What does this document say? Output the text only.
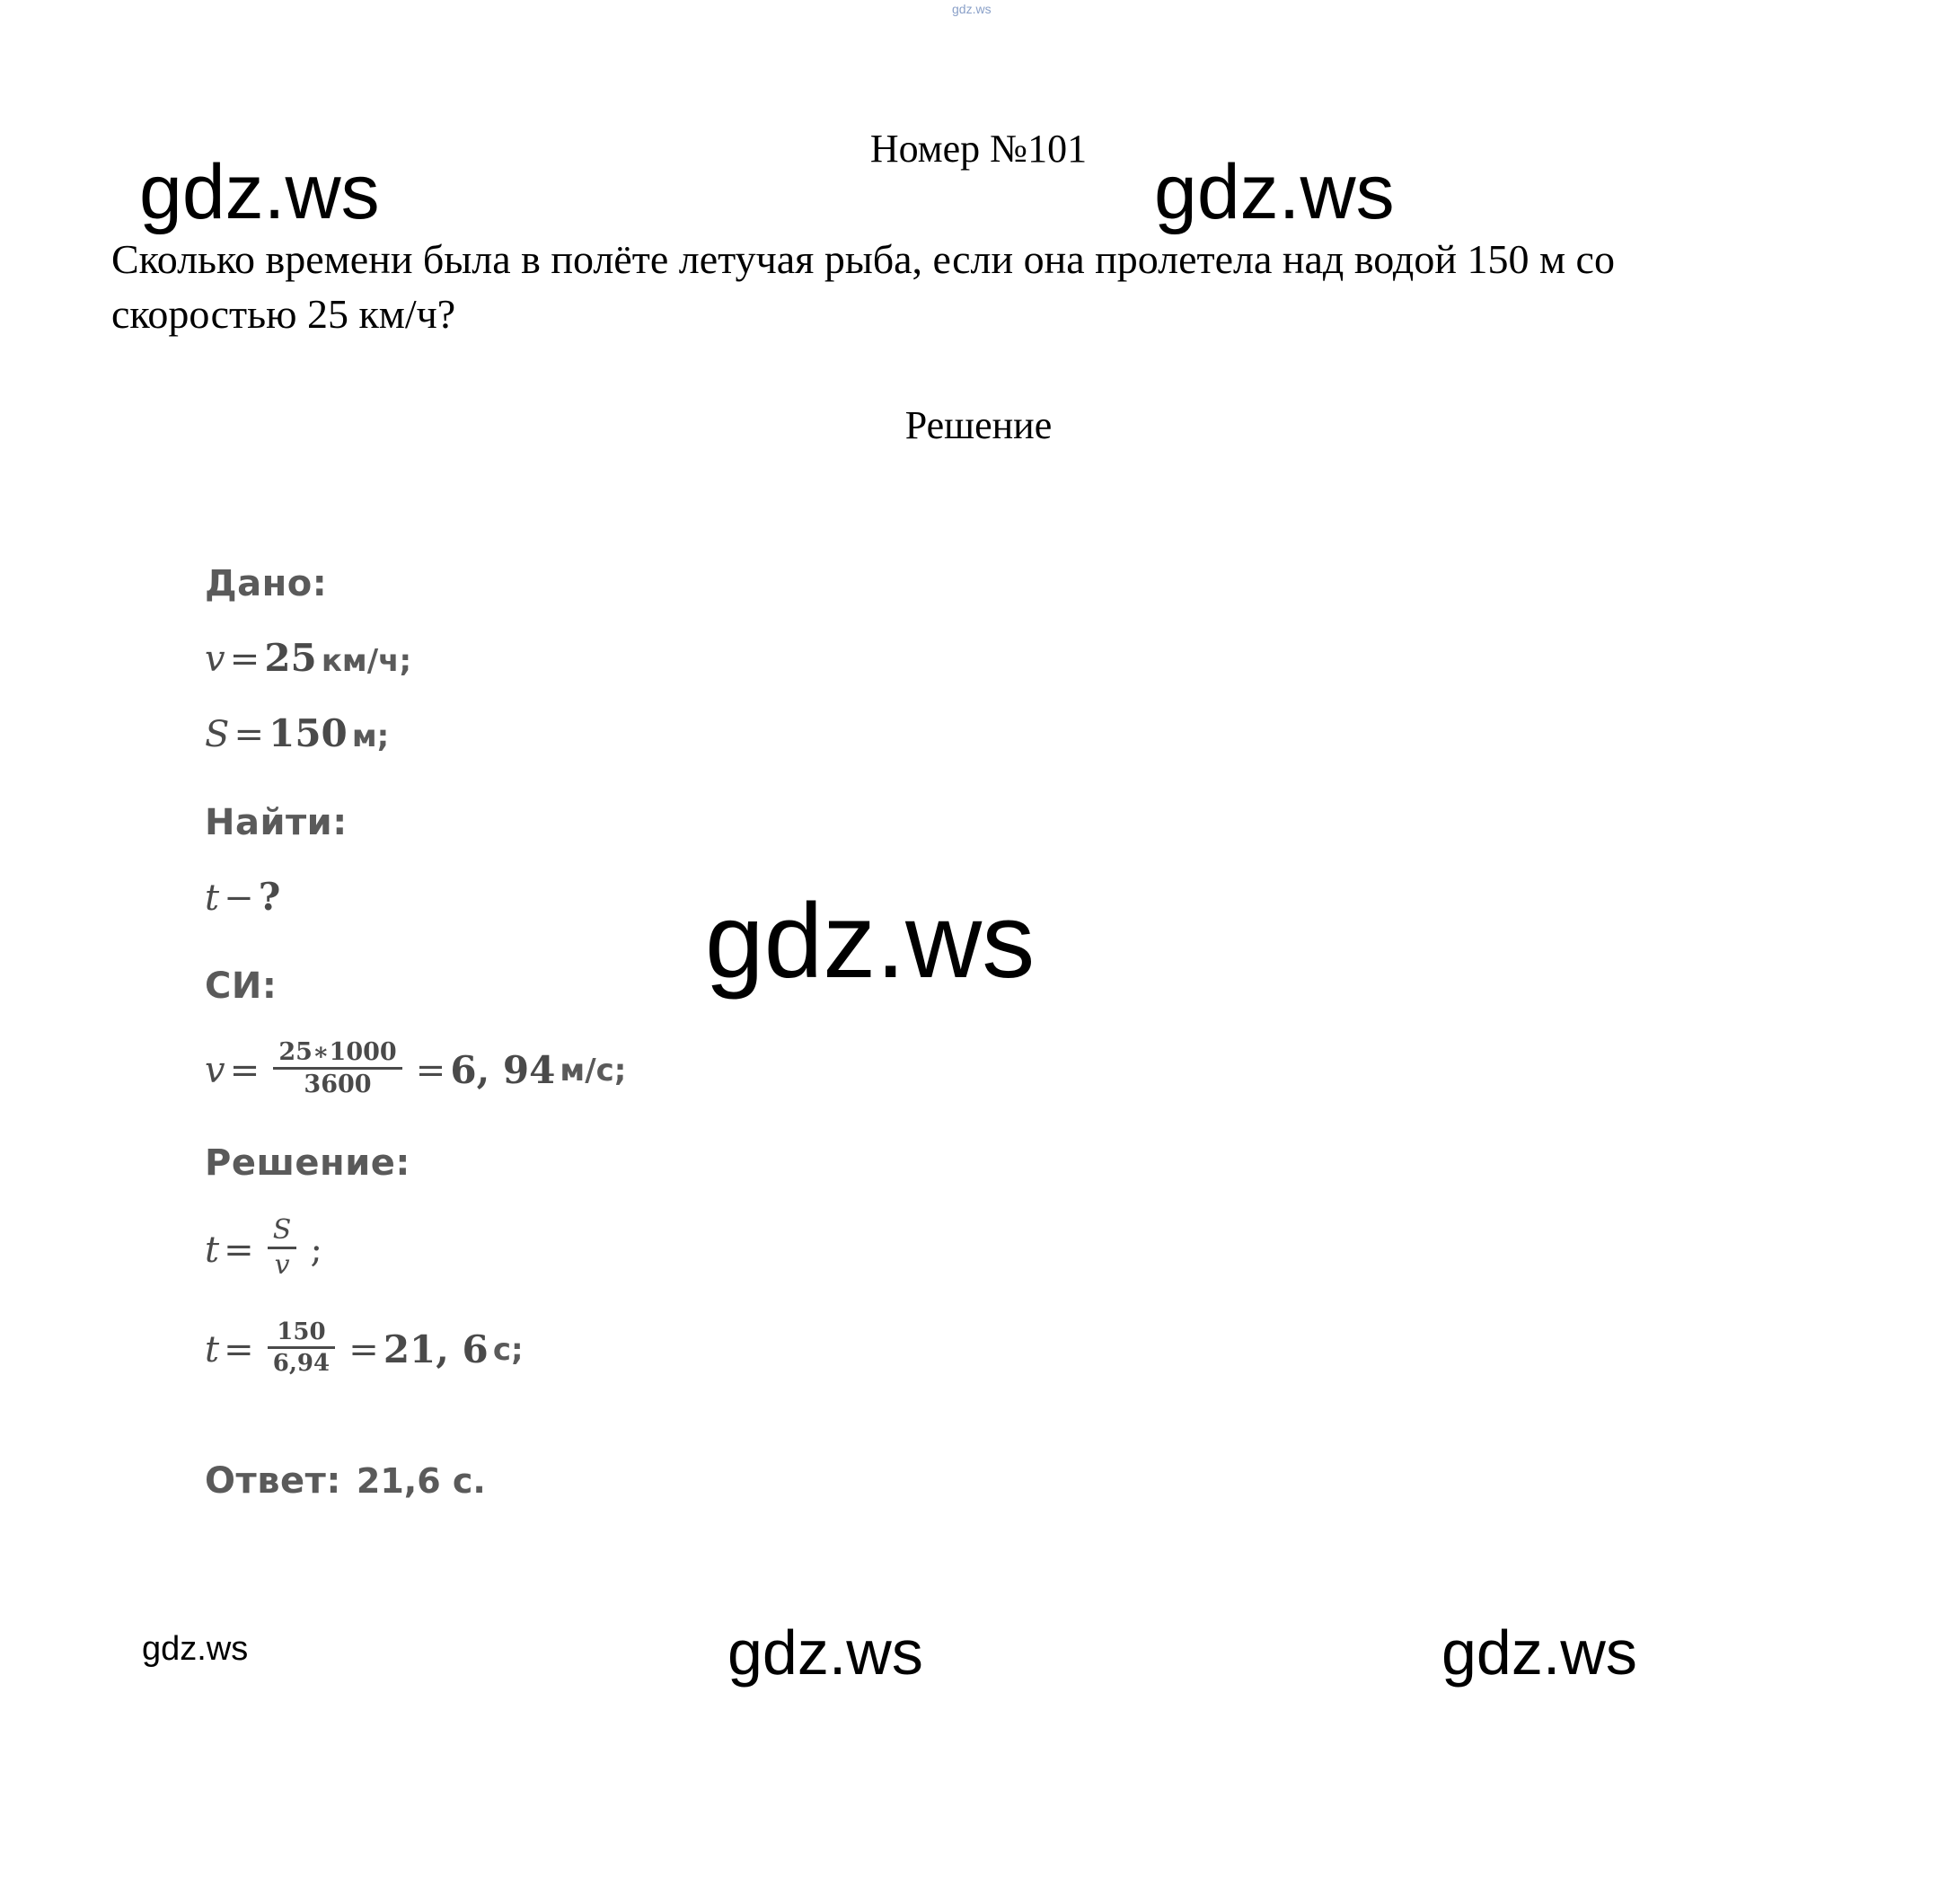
gdz.ws
gdz.ws	gdz.ws
gdz.ws
gdz.ws	gdz.ws	gdz.ws
Номер №101
Сколько времени была в полёте летучая рыба, если она пролетела над водой 150 м со скоростью 25 км/ч?
Решение
Дано:
v = 25 км/ч;
S = 150 м;
Найти:
t − ?
СИ:
$v = \frac{25∗1000}{3600} = 6$, 94 м/с;
Решение:
$t = \frac{S}{v}$ ;
$t = \frac{150}{6,94} = 21$, 6 с;
Ответ: 21,6 с.
